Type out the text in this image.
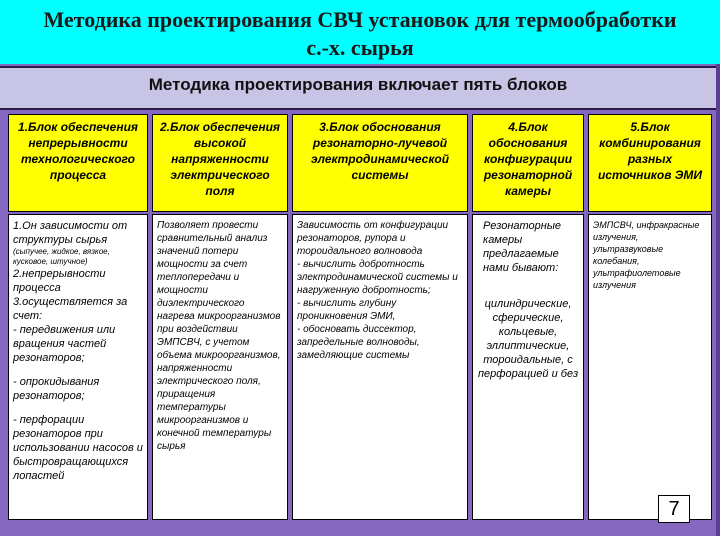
Методика проектирования СВЧ установок для термообработки с.-х. сырья
Методика проектирования включает пять блоков
1.Блок обеспечения непрерывности технологического процесса
2.Блок обеспечения высокой напряженности электрического поля
3.Блок обоснования резонаторно-лучевой электродинамической системы
4.Блок обоснования конфигурации резонаторной камеры
5.Блок комбинирования разных источников ЭМИ

1.Он зависимости от структуры сырья

(сыпучее, жидкое, вязкое, кусковое, штучное)

2.непрерывности процесса

3.осуществляется за счет:

- передвижения или вращения частей резонаторов;

- опрокидывания резонаторов;

- перфорации резонаторов при использовании насосов и быстровращающихся лопастей

Позволяет провести сравнительный анализ значений потери мощности за счет теплопередачи и мощности диэлектрического нагрева микроорганизмов при воздействии ЭМПСВЧ, с учетом объема микроорганизмов, напряженности электрического поля, приращения температуры микроорганизмов и конечной температуры сырья

Зависимость от конфигурации резонаторов, рупора и тороидального волновода

- вычислить добротность электродинамической системы и нагруженную добротность;

- вычислить глубину проникновения ЭМИ,

- обосновать диссектор, запредельные волноводы, замедляющие системы

Резонаторные камеры предлагаемые нами бывают:

цилиндрические, сферические, кольцевые, эллиптические, тороидальные, с перфорацией и без

ЭМПСВЧ, инфракрасные излучения, ультразвуковые колебания, ультрафиолетовые излучения

7
